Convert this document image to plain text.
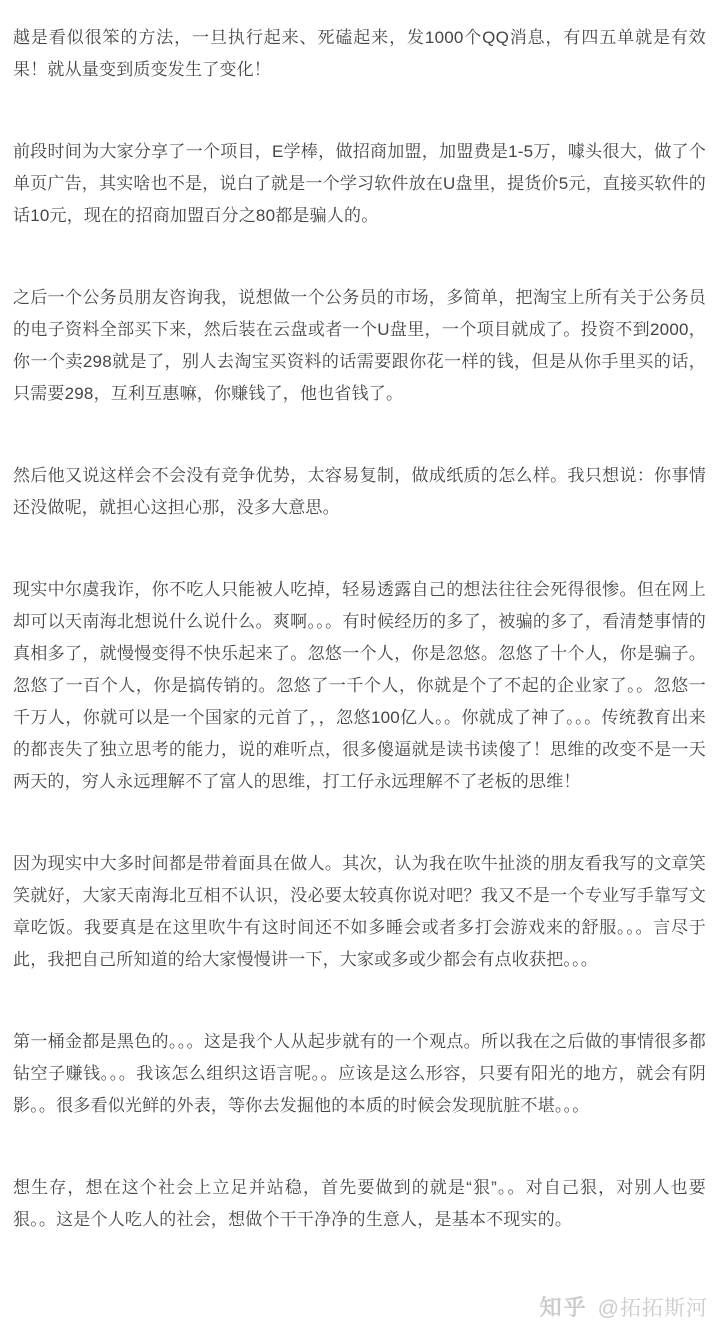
知乎 @拓拓斯河

越是看似很笨的方法，一旦执行起来、死磕起来，发1000个QQ消息，有四五单就是有效果！就从量变到质变发生了变化！

前段时间为大家分享了一个项目，E学棒，做招商加盟，加盟费是1-5万，噱头很大，做了个单页广告，其实啥也不是，说白了就是一个学习软件放在U盘里，提货价5元，直接买软件的话10元，现在的招商加盟百分之80都是骗人的。

之后一个公务员朋友咨询我，说想做一个公务员的市场，多简单，把淘宝上所有关于公务员的电子资料全部买下来，然后装在云盘或者一个U盘里，一个项目就成了。投资不到2000，你一个卖298就是了，别人去淘宝买资料的话需要跟你花一样的钱，但是从你手里买的话，只需要298，互利互惠嘛，你赚钱了，他也省钱了。

然后他又说这样会不会没有竞争优势，太容易复制，做成纸质的怎么样。我只想说：你事情还没做呢，就担心这担心那，没多大意思。

现实中尔虞我诈，你不吃人只能被人吃掉，轻易透露自己的想法往往会死得很惨。但在网上却可以天南海北想说什么说什么。爽啊。。。有时候经历的多了，被骗的多了，看清楚事情的真相多了，就慢慢变得不快乐起来了。忽悠一个人，你是忽悠。忽悠了十个人，你是骗子。忽悠了一百个人，你是搞传销的。忽悠了一千个人，你就是个了不起的企业家了。。忽悠一千万人，你就可以是一个国家的元首了，，忽悠100亿人。。你就成了神了。。。传统教育出来的都丧失了独立思考的能力，说的难听点，很多傻逼就是读书读傻了！思维的改变不是一天两天的，穷人永远理解不了富人的思维，打工仔永远理解不了老板的思维！

因为现实中大多时间都是带着面具在做人。其次，认为我在吹牛扯淡的朋友看我写的文章笑笑就好，大家天南海北互相不认识，没必要太较真你说对吧？我又不是一个专业写手靠写文章吃饭。我要真是在这里吹牛有这时间还不如多睡会或者多打会游戏来的舒服。。。言尽于此，我把自己所知道的给大家慢慢讲一下，大家或多或少都会有点收获把。。。

第一桶金都是黑色的。。。这是我个人从起步就有的一个观点。所以我在之后做的事情很多都钻空子赚钱。。。我该怎么组织这语言呢。。应该是这么形容，只要有阳光的地方，就会有阴影。。很多看似光鲜的外表，等你去发掘他的本质的时候会发现肮脏不堪。。。

想生存，想在这个社会上立足并站稳，首先要做到的就是“狠”。。对自己狠，对别人也要狠。。这是个人吃人的社会，想做个干干净净的生意人，是基本不现实的。
